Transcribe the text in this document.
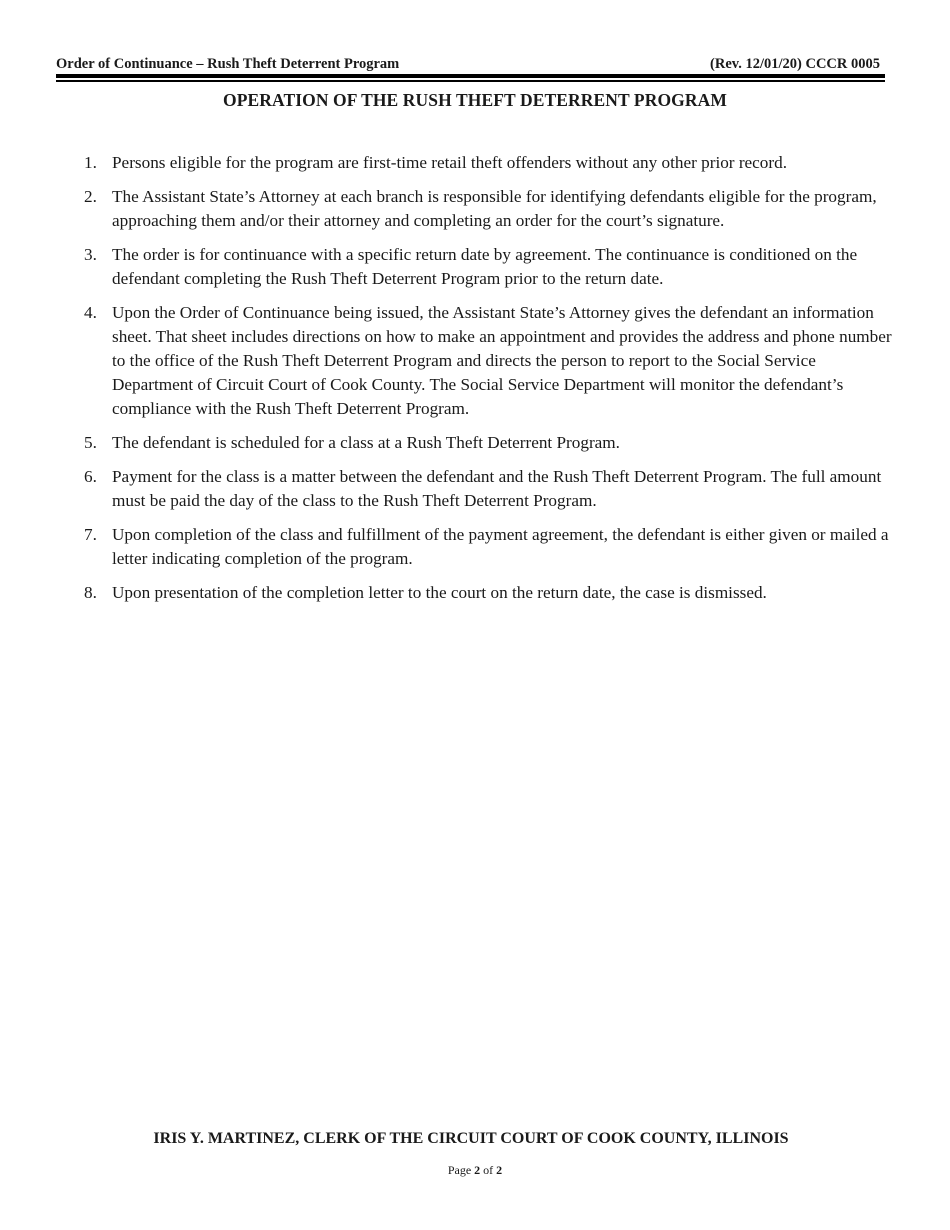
Order of Continuance – Rush Theft Deterrent Program	(Rev. 12/01/20) CCCR 0005
OPERATION OF THE RUSH THEFT DETERRENT PROGRAM
1. Persons eligible for the program are first-time retail theft offenders without any other prior record.
2. The Assistant State’s Attorney at each branch is responsible for identifying defendants eligible for the program, approaching them and/or their attorney and completing an order for the court’s signature.
3. The order is for continuance with a specific return date by agreement. The continuance is conditioned on the defendant completing the Rush Theft Deterrent Program prior to the return date.
4. Upon the Order of Continuance being issued, the Assistant State’s Attorney gives the defendant an information sheet. That sheet includes directions on how to make an appointment and provides the address and phone number to the office of the Rush Theft Deterrent Program and directs the person to report to the Social Service Department of Circuit Court of Cook County. The Social Service Department will monitor the defendant’s compliance with the Rush Theft Deterrent Program.
5. The defendant is scheduled for a class at a Rush Theft Deterrent Program.
6. Payment for the class is a matter between the defendant and the Rush Theft Deterrent Program. The full amount must be paid the day of the class to the Rush Theft Deterrent Program.
7. Upon completion of the class and fulfillment of the payment agreement, the defendant is either given or mailed a letter indicating completion of the program.
8. Upon presentation of the completion letter to the court on the return date, the case is dismissed.
IRIS Y. MARTINEZ, CLERK OF THE CIRCUIT COURT OF COOK COUNTY, ILLINOIS
Page 2 of 2
